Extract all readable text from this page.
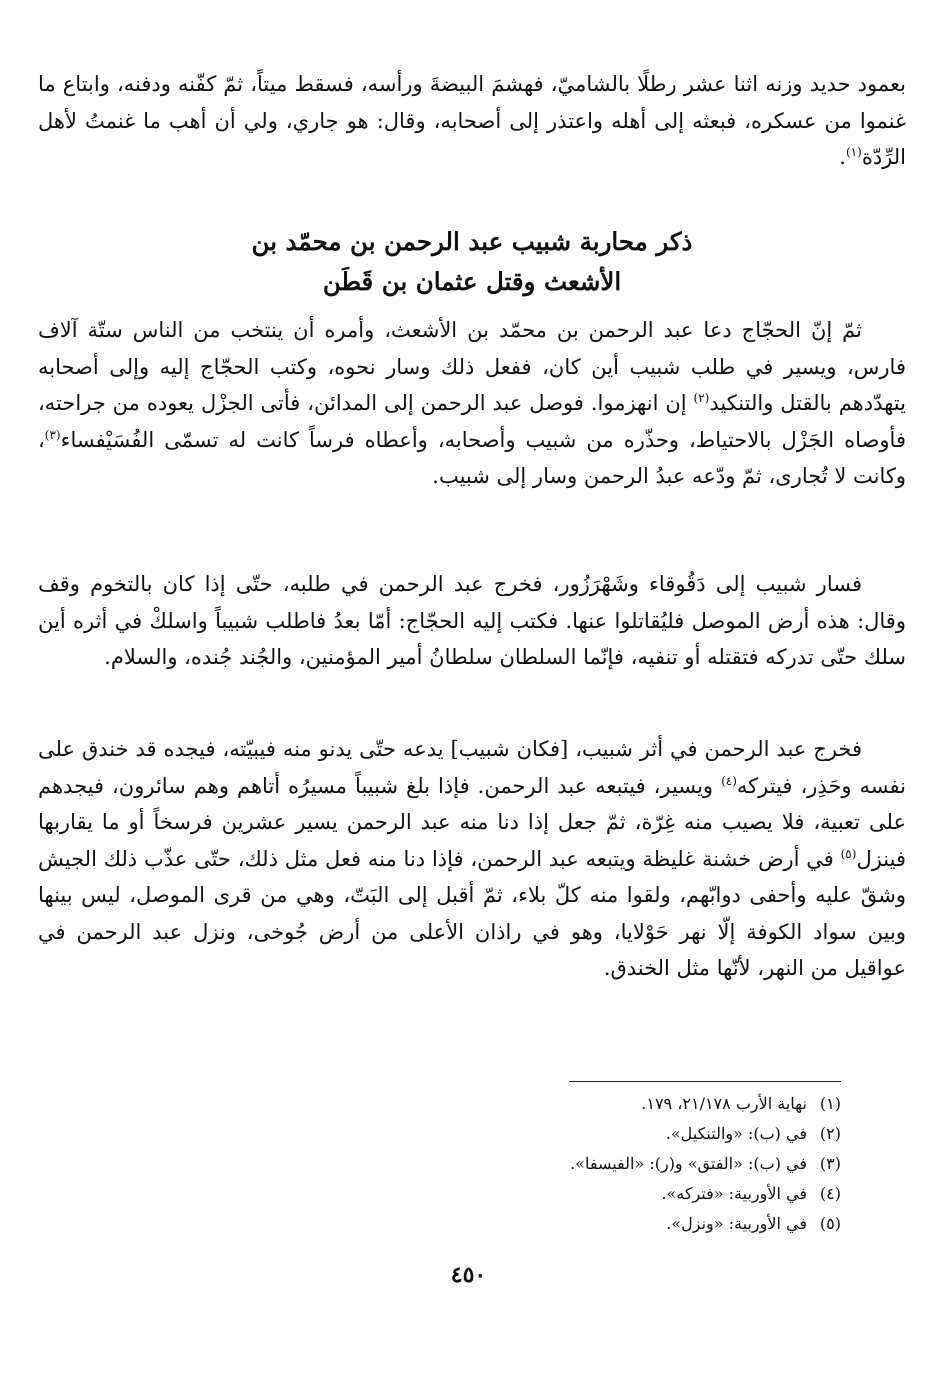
بعمود حديد وزنه اثنا عشر رطلًا بالشاميّ، فهشمَ البيضةَ ورأسه، فسقط ميتاً، ثمّ كفّنه ودفنه، وابتاع ما غنموا من عسكره، فبعثه إلى أهله واعتذر إلى أصحابه، وقال: هو جاري، ولي أن أهب ما غنمتُ لأهل الرِّدّة$^{(١)}$.
ذكر محاربة شبيب عبد الرحمن بن محمّد بن
الأشعث وقتل عثمان بن قَطَن
ثمّ إنّ الحجّاج دعا عبد الرحمن بن محمّد بن الأشعث، وأمره أن ينتخب من الناس ستّة آلاف فارس، ويسير في طلب شبيب أين كان، ففعل ذلك وسار نحوه، وكتب الحجّاج إليه وإلى أصحابه يتهدّدهم بالقتل والتنكيد$^{(٢)}$ إن انهزموا. فوصل عبد الرحمن إلى المدائن، فأتى الجزْل يعوده من جراحته، فأوصاه الجَزْل بالاحتياط، وحذّره من شبيب وأصحابه، وأعطاه فرساً كانت له تسمّى الفُسَيْفساء$^{(٣)}$، وكانت لا تُجارى، ثمّ ودّعه عبدُ الرحمن وسار إلى شبيب.
فسار شبيب إلى دَقُوقاء وشَهْرَزُور، فخرج عبد الرحمن في طلبه، حتّى إذا كان بالتخوم وقف وقال: هذه أرض الموصل فليُقاتلوا عنها. فكتب إليه الحجّاج: أمّا بعدُ فاطلب شبيباً واسلكْ في أثره أين سلك حتّى تدركه فتقتله أو تنفيه، فإنّما السلطان سلطانُ أمير المؤمنين، والجُند جُنده، والسلام.
فخرج عبد الرحمن في أثر شبيب، [فكان شبيب] يدعه حتّى يدنو منه فيبيّته، فيجده قد خندق على نفسه وحَذِر، فيتركه$^{(٤)}$ ويسير، فيتبعه عبد الرحمن. فإذا بلغ شبيباً مسيرُه أتاهم وهم سائرون، فيجدهم على تعبية، فلا يصيب منه غِرّة، ثمّ جعل إذا دنا منه عبد الرحمن يسير عشرين فرسخاً أو ما يقاربها فينزل$^{(٥)}$ في أرض خشنة غليظة ويتبعه عبد الرحمن، فإذا دنا منه فعل مثل ذلك، حتّى عذّب ذلك الجيش وشقّ عليه وأحفى دوابّهم، ولقوا منه كلّ بلاء، ثمّ أقبل إلى البَتّ، وهي من قرى الموصل، ليس بينها وبين سواد الكوفة إلّا نهر حَوْلايا، وهو في راذان الأعلى من أرض جُوخى، ونزل عبد الرحمن في عواقيل من النهر، لأنّها مثل الخندق.
(١)
نهاية الأرب ٢١/١٧٨، ١٧٩.
(٢)
في (ب): «والتنكيل».
(٣)
في (ب): «الفتق» و(ر): «الفيسفا».
(٤)
في الأوربية: «فتركه».
(٥)
في الأوربية: «ونزل».
٤٥٠
